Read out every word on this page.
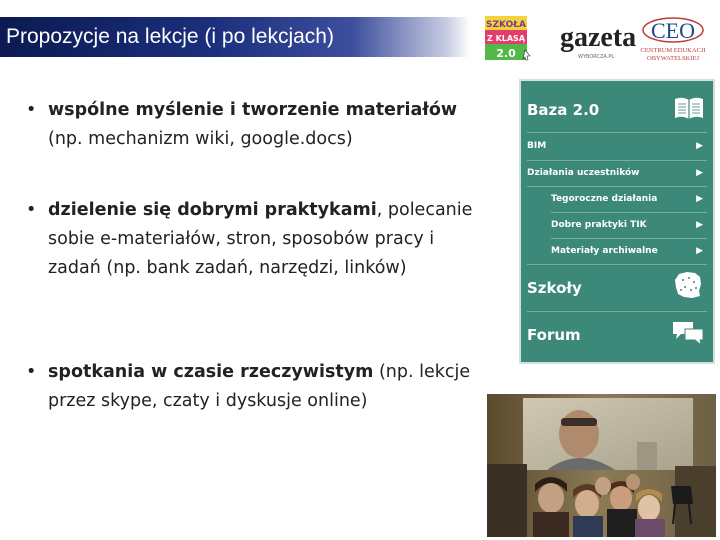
Propozycje na lekcje (i po lekcjach)	SZKOŁA
Z KLASĄ
2.0
gazeta
WYBORCZA.PL
CEO
CENTRUM EDUKACJI
OBYWATELSKIEJ
• wspólne myślenie i tworzenie materiałów
(np. mechanizm wiki, google.docs)
• dzielenie się dobrymi praktykami, polecanie
sobie e-materiałów, stron, sposobów pracy i
zadań (np. bank zadań, narzędzi, linków)
• spotkania w czasie rzeczywistym (np. lekcje
przez skype, czaty i dyskusje online)
Baza 2.0
BIM	▶
Działania uczestników	▶
Tegoroczne działania	▶
Dobre praktyki TIK	▶
Materiały archiwalne	▶
Szkoły
Forum
